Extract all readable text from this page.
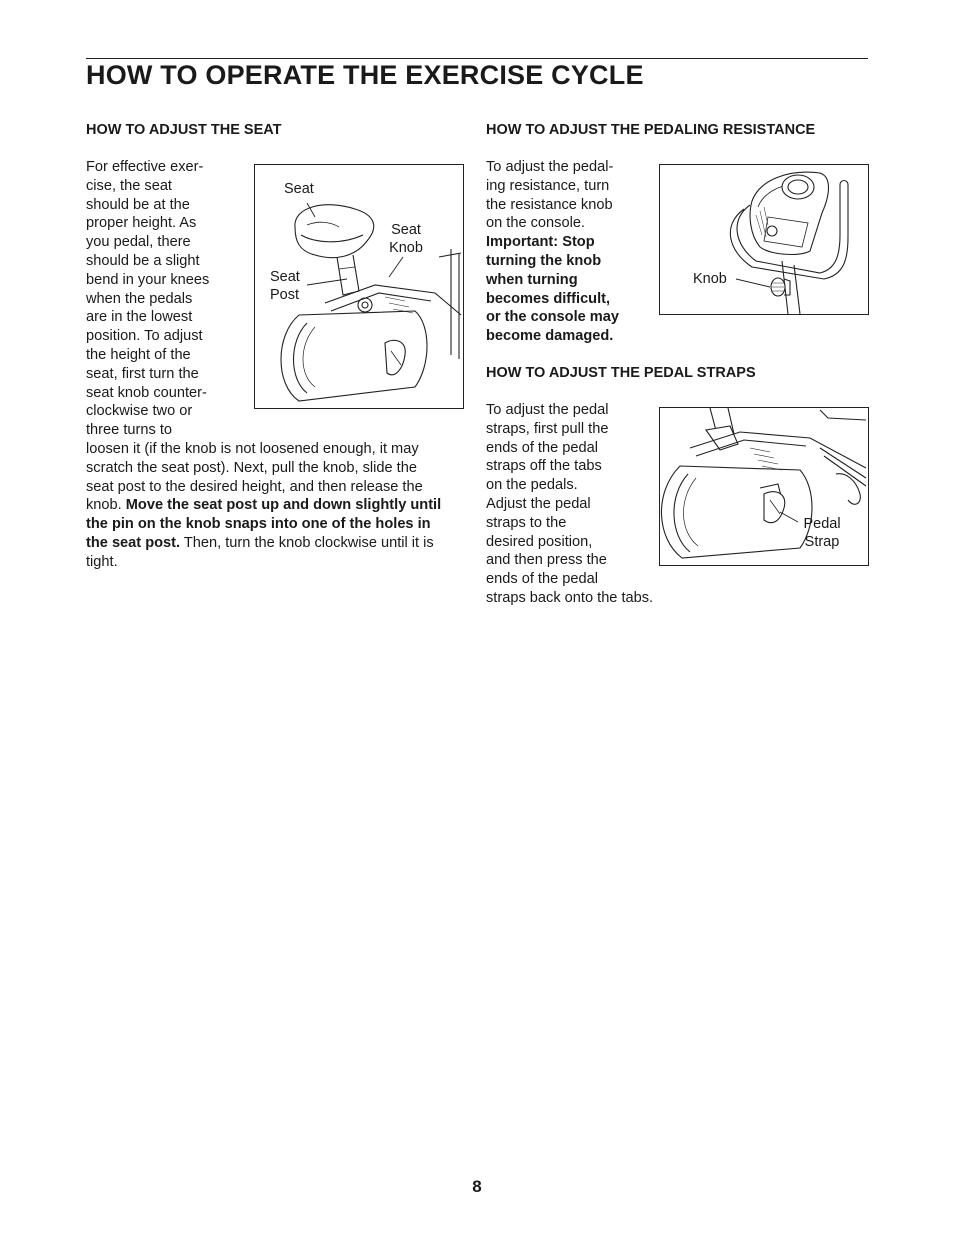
HOW TO OPERATE THE EXERCISE CYCLE
HOW TO ADJUST THE SEAT
For effective exer-
cise, the seat
should be at the
proper height. As
you pedal, there
should be a slight
bend in your knees
when the pedals
are in the lowest
position. To adjust
the height of the
seat, first turn the
seat knob counter-
clockwise two or
three turns to
loosen it (if the knob is not loosened enough, it may
scratch the seat post). Next, pull the knob, slide the
seat post to the desired height, and then release the
knob. Move the seat post up and down slightly until
the pin on the knob snaps into one of the holes in
the seat post. Then, turn the knob clockwise until it is
tight.
Seat
Seat
Knob
Seat
Post
HOW TO ADJUST THE PEDALING RESISTANCE
To adjust the pedal-
ing resistance, turn
the resistance knob
on the console.
Important: Stop
turning the knob
when turning
becomes difficult,
or the console may
become damaged.
Knob
HOW TO ADJUST THE PEDAL STRAPS
To adjust the pedal
straps, first pull the
ends of the pedal
straps off the tabs
on the pedals.
Adjust the pedal
straps to the
desired position,
and then press the
ends of the pedal
straps back onto the tabs.
Pedal
Strap
8
